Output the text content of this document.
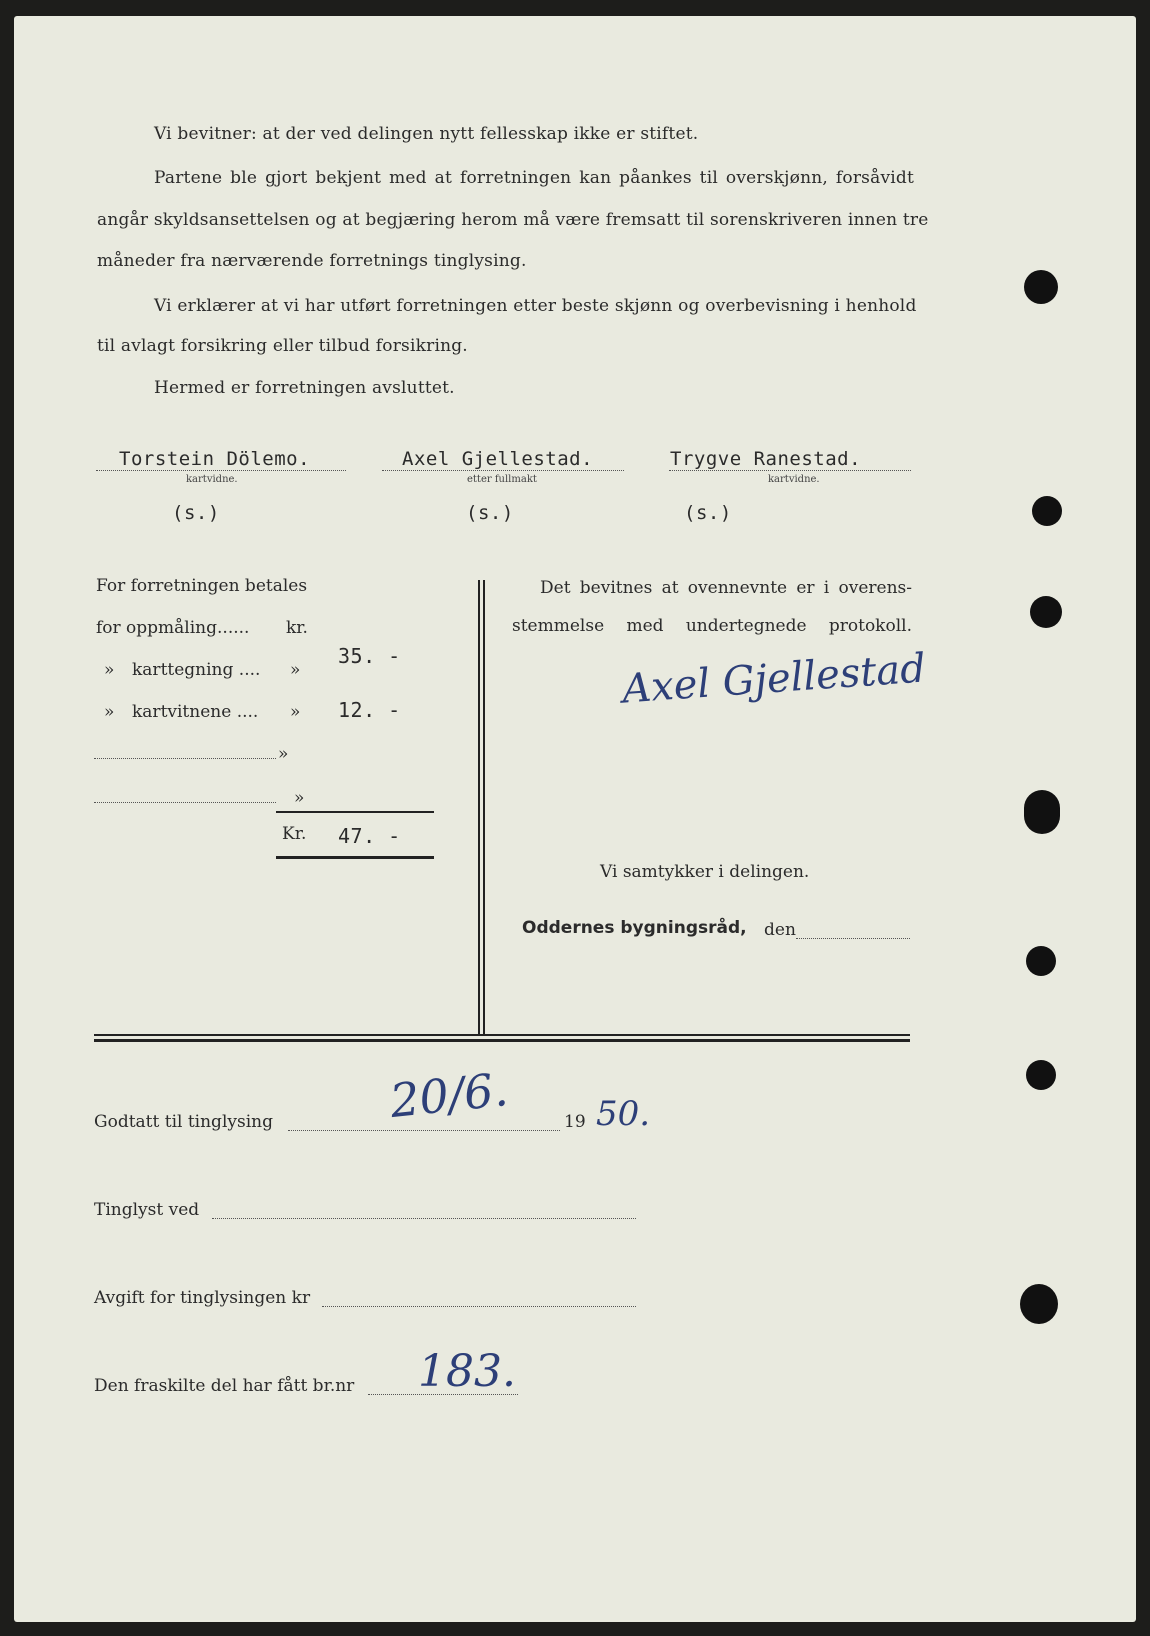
Vi bevitner: at der ved delingen nytt fellesskap ikke er stiftet.
Partene ble gjort bekjent med at forretningen kan påankes til overskjønn, forsåvidt
angår skyldsansettelsen og at begjæring herom må være fremsatt til sorenskriveren innen tre
måneder fra nærværende forretnings tinglysing.
Vi erklærer at vi har utført forretningen etter beste skjønn og overbevisning i henhold
til avlagt forsikring eller tilbud forsikring.
Hermed er forretningen avsluttet.
Torstein Dölemo.
kartvidne.
(s.)
Axel Gjellestad.
etter fullmakt
(s.)
Trygve Ranestad.
kartvidne.
(s.)
For forretningen betales
for oppmåling...... kr.
» karttegning .... »
35. -
» kartvitnene .... » 12. -
»
»
Kr. 47. -
Det bevitnes at ovennevnte er i overens-
stemmelse med undertegnede protokoll.
Axel Gjellestad
Vi samtykker i delingen.
Oddernes bygningsråd, den
Godtatt til tinglysing 20/6.	19 50.
Tinglyst ved
Avgift for tinglysingen kr
Den fraskilte del har fått br.nr 183.
